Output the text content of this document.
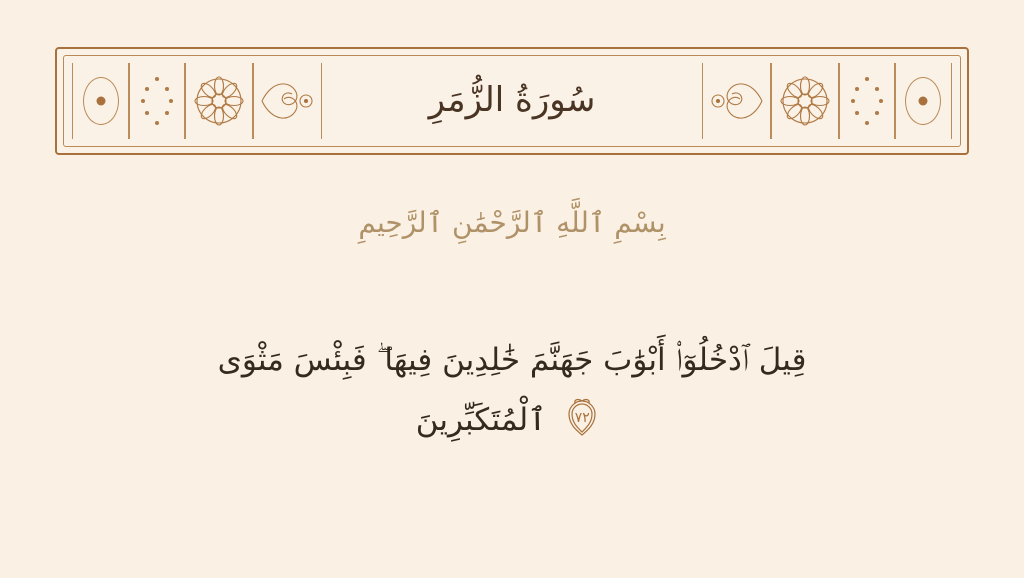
سُورَةُ الزُّمَرِ
بِسْمِ ٱللَّهِ ٱلرَّحْمَٰنِ ٱلرَّحِيمِ
قِيلَ ٱدْخُلُوٓا۟ أَبْوَٰبَ جَهَنَّمَ خَٰلِدِينَ فِيهَا ۖ فَبِئْسَ مَثْوَى
٧٢
ٱلْمُتَكَبِّرِينَ
